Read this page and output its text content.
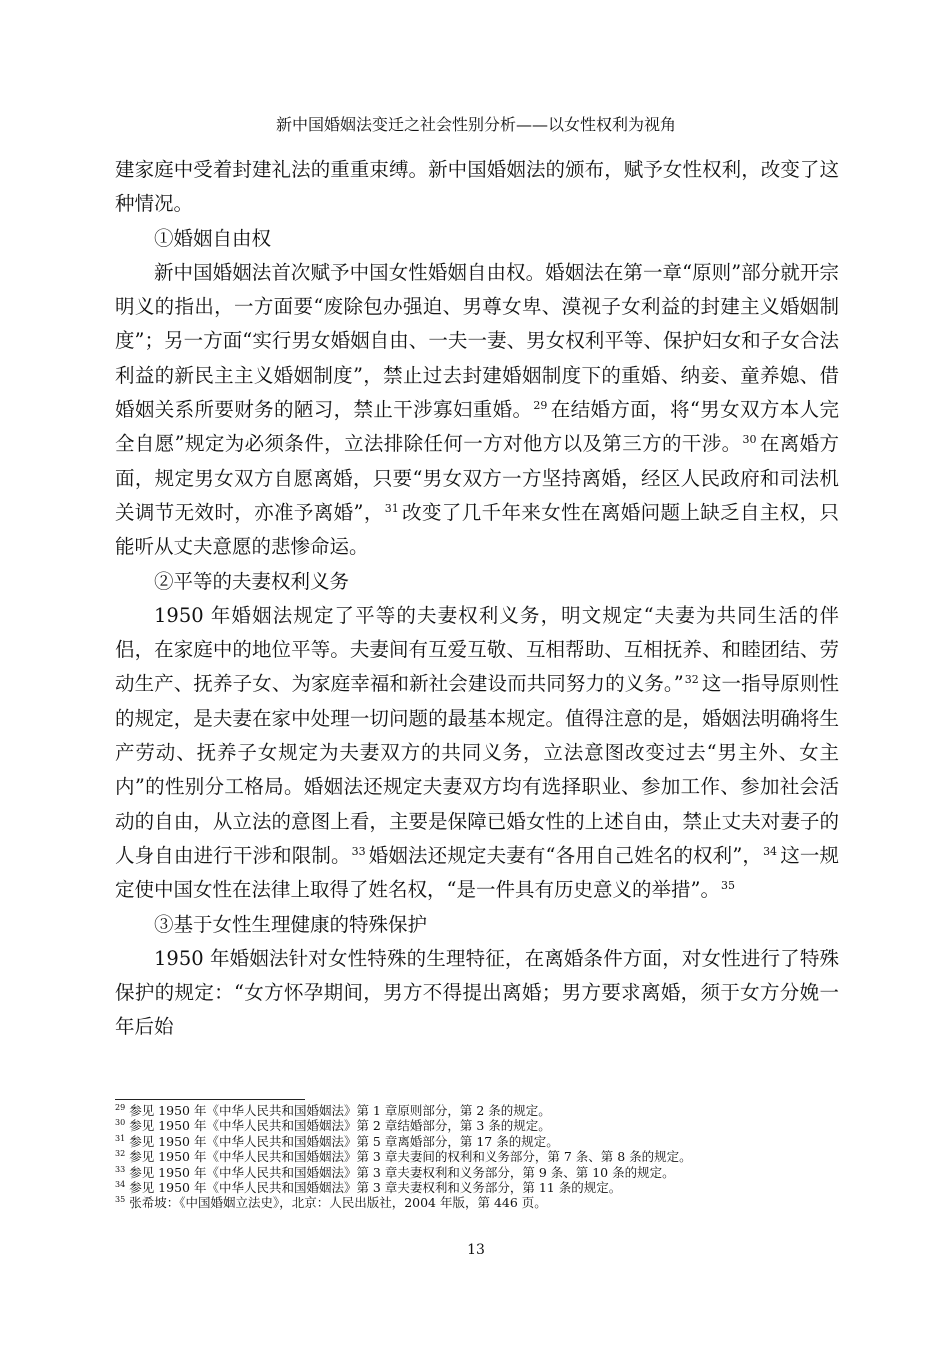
新中国婚姻法变迁之社会性别分析——以女性权利为视角

建家庭中受着封建礼法的重重束缚。新中国婚姻法的颁布，赋予女性权利，改变了这种情况。

①婚姻自由权

新中国婚姻法首次赋予中国女性婚姻自由权。婚姻法在第一章“原则”部分就开宗明义的指出，一方面要“废除包办强迫、男尊女卑、漠视子女利益的封建主义婚姻制度”；另一方面“实行男女婚姻自由、一夫一妻、男女权利平等、保护妇女和子女合法利益的新民主主义婚姻制度”，禁止过去封建婚姻制度下的重婚、纳妾、童养媳、借婚姻关系所要财务的陋习，禁止干涉寡妇重婚。$^{29}$ 在结婚方面，将“男女双方本人完全自愿”规定为必须条件，立法排除任何一方对他方以及第三方的干涉。$^{30}$ 在离婚方面，规定男女双方自愿离婚，只要“男女双方一方坚持离婚，经区人民政府和司法机关调节无效时，亦准予离婚”，$^{31}$ 改变了几千年来女性在离婚问题上缺乏自主权，只能听从丈夫意愿的悲惨命运。

②平等的夫妻权利义务

1950 年婚姻法规定了平等的夫妻权利义务，明文规定“夫妻为共同生活的伴侣，在家庭中的地位平等。夫妻间有互爱互敬、互相帮助、互相抚养、和睦团结、劳动生产、抚养子女、为家庭幸福和新社会建设而共同努力的义务。”$^{32}$ 这一指导原则性的规定，是夫妻在家中处理一切问题的最基本规定。值得注意的是，婚姻法明确将生产劳动、抚养子女规定为夫妻双方的共同义务，立法意图改变过去“男主外、女主内”的性别分工格局。婚姻法还规定夫妻双方均有选择职业、参加工作、参加社会活动的自由，从立法的意图上看，主要是保障已婚女性的上述自由，禁止丈夫对妻子的人身自由进行干涉和限制。$^{33}$ 婚姻法还规定夫妻有“各用自己姓名的权利”，$^{34}$ 这一规定使中国女性在法律上取得了姓名权，“是一件具有历史意义的举措”。$^{35}$

③基于女性生理健康的特殊保护

1950 年婚姻法针对女性特殊的生理特征，在离婚条件方面，对女性进行了特殊保护的规定：“女方怀孕期间，男方不得提出离婚；男方要求离婚，须于女方分娩一年后始

$^{29}$ 参见 1950 年《中华人民共和国婚姻法》第 1 章原则部分，第 2 条的规定。
$^{30}$ 参见 1950 年《中华人民共和国婚姻法》第 2 章结婚部分，第 3 条的规定。
$^{31}$ 参见 1950 年《中华人民共和国婚姻法》第 5 章离婚部分，第 17 条的规定。
$^{32}$ 参见 1950 年《中华人民共和国婚姻法》第 3 章夫妻间的权利和义务部分，第 7 条、第 8 条的规定。
$^{33}$ 参见 1950 年《中华人民共和国婚姻法》第 3 章夫妻权利和义务部分，第 9 条、第 10 条的规定。
$^{34}$ 参见 1950 年《中华人民共和国婚姻法》第 3 章夫妻权利和义务部分，第 11 条的规定。
$^{35}$ 张希坡：《中国婚姻立法史》，北京：人民出版社，2004 年版，第 446 页。
13
